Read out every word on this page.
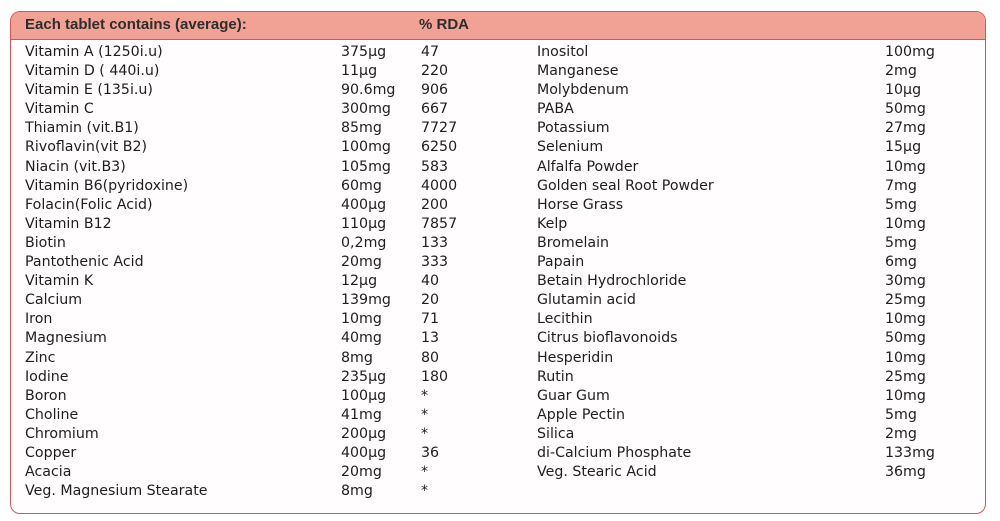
Each tablet contains (average):	% RDA
Vitamin A (1250i.u)	375µg 47	Inositol	100mg
Vitamin D ( 440i.u)	11µg	220	Manganese	2mg
Vitamin E (135i.u)	90.6mg 906	Molybdenum	10µg
Vitamin C	300mg 667	PABA	50mg
Thiamin (vit.B1)	85mg	7727	Potassium	27mg
Rivoflavin(vit B2)	100mg 6250	Selenium	15µg
Niacin (vit.B3)	105mg 583	Alfalfa Powder	10mg
Vitamin B6(pyridoxine)	60mg	4000	Golden seal Root Powder	7mg
Folacin(Folic Acid)	400µg 200	Horse Grass	5mg
Vitamin B12	110µg 7857	Kelp	10mg
Biotin	0,2mg 133	Bromelain	5mg
Pantothenic Acid	20mg	333	Papain	6mg
Vitamin K	12µg	40	Betain Hydrochloride	30mg
Calcium	139mg 20	Glutamin acid	25mg
Iron	10mg	71	Lecithin	10mg
Magnesium	40mg	13	Citrus bioflavonoids	50mg
Zinc	8mg	80	Hesperidin	10mg
Iodine	235µg 180	Rutin	25mg
Boron	100µg *	Guar Gum	10mg
Choline	41mg	*	Apple Pectin	5mg
Chromium	200µg *	Silica	2mg
Copper	400µg 36	di-Calcium Phosphate	133mg
Acacia	20mg	*	Veg. Stearic Acid	36mg
Veg. Magnesium Stearate	8mg	*
